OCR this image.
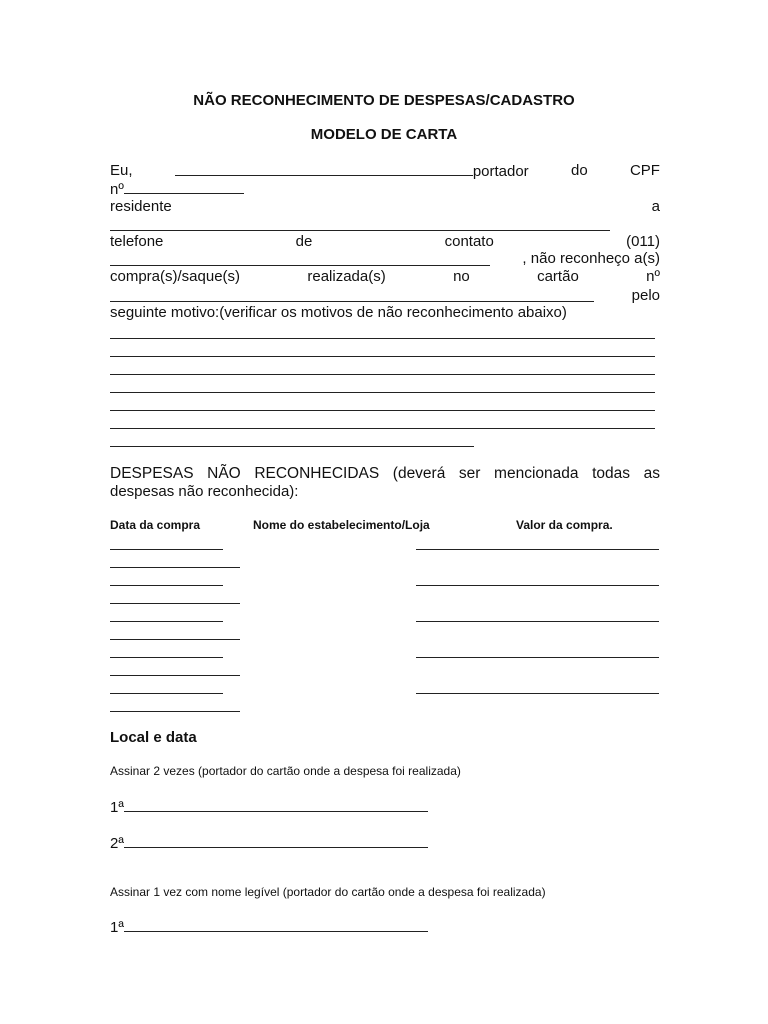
NÃO RECONHECIMENTO DE DESPESAS/CADASTRO
MODELO DE CARTA
Eu,	portador	do	CPF
nº
residente	a
telefone	de	contato	(011)
, não reconheço a(s)
compra(s)/saque(s)	realizada(s)	no	cartão	nº
pelo
seguinte motivo:(verificar os motivos de não reconhecimento abaixo)
DESPESAS NÃO RECONHECIDAS (deverá ser mencionada todas as
despesas não reconhecida):
Data da compra	Nome do estabelecimento/Loja	Valor da compra.
Local e data
Assinar 2 vezes (portador do cartão onde a despesa foi realizada)
1ª
2ª
Assinar 1 vez com nome legível (portador do cartão onde a despesa foi realizada)
1ª
